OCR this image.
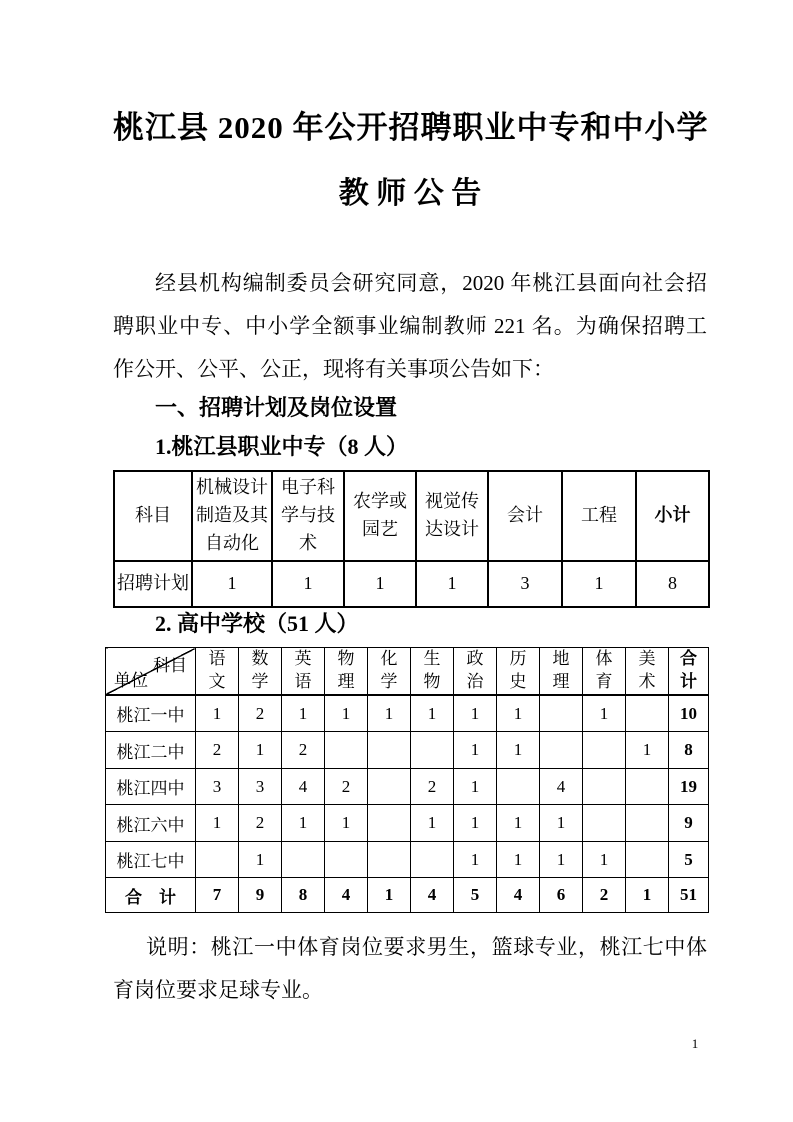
桃江县 2020 年公开招聘职业中专和中小学
教 师 公 告
经县机构编制委员会研究同意，2020 年桃江县面向社会招
聘职业中专、中小学全额事业编制教师 221 名。为确保招聘工
作公开、公平、公正，现将有关事项公告如下：
一、招聘计划及岗位设置
1.桃江县职业中专（8 人）
科目	机械设计制造及其自动化	电子科学与技术	农学或园艺	视觉传达设计	会计	工程	小计
招聘计划	1	1	1	1	3	1	8
2. 高中学校（51 人）
科目
单位	语文	数学	英语	物理	化学	生物	政治	历史	地理	体育	美术	合计
桃江一中	1	2	1	1	1	1	1	1		1		10
桃江二中	2	1	2				1	1			1	8
桃江四中	3	3	4	2		2	1		4			19
桃江六中	1	2	1	1		1	1	1	1			9
桃江七中		1					1	1	1	1		5
合　计	7	9	8	4	1	4	5	4	6	2	1	51
说明：桃江一中体育岗位要求男生，篮球专业，桃江七中体
育岗位要求足球专业。
1
